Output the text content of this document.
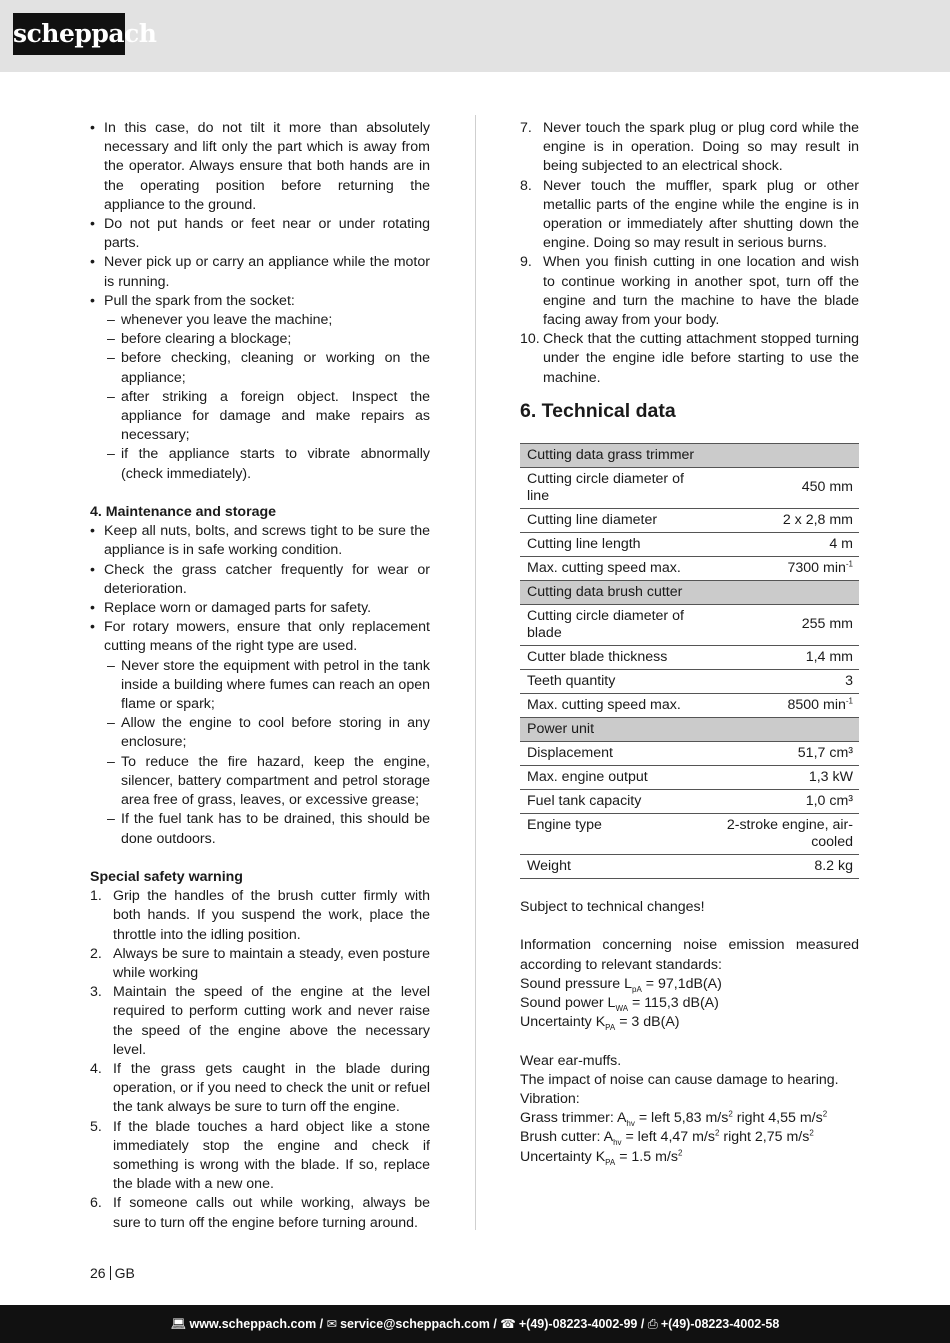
scheppach
• In this case, do not tilt it more than absolutely necessary and lift only the part which is away from the operator. Always ensure that both hands are in the operating position before returning the appliance to the ground.
• Do not put hands or feet near or under rotating parts.
• Never pick up or carry an appliance while the motor is running.
• Pull the spark from the socket:
– whenever you leave the machine;
– before clearing a blockage;
– before checking, cleaning or working on the appliance;
– after striking a foreign object. Inspect the appliance for damage and make repairs as necessary;
– if the appliance starts to vibrate abnormally (check immediately).

4. Maintenance and storage

• Keep all nuts, bolts, and screws tight to be sure the appliance is in safe working condition.
• Check the grass catcher frequently for wear or deterioration.
• Replace worn or damaged parts for safety.
• For rotary mowers, ensure that only replacement cutting means of the right type are used.
– Never store the equipment with petrol in the tank inside a building where fumes can reach an open flame or spark;
– Allow the engine to cool before storing in any enclosure;
– To reduce the fire hazard, keep the engine, silencer, battery compartment and petrol storage area free of grass, leaves, or excessive grease;
– If the fuel tank has to be drained, this should be done outdoors.

Special safety warning

1. Grip the handles of the brush cutter firmly with both hands. If you suspend the work, place the throttle into the idling position.
2. Always be sure to maintain a steady, even posture while working
3. Maintain the speed of the engine at the level required to perform cutting work and never raise the speed of the engine above the necessary level.
4. If the grass gets caught in the blade during operation, or if you need to check the unit or refuel the tank always be sure to turn off the engine.
5. If the blade touches a hard object like a stone immediately stop the engine and check if something is wrong with the blade. If so, replace the blade with a new one.
6. If someone calls out while working, always be sure to turn off the engine before turning around.
7. Never touch the spark plug or plug cord while the engine is in operation. Doing so may result in being subjected to an electrical shock.
8. Never touch the muffler, spark plug or other metallic parts of the engine while the engine is in operation or immediately after shutting down the engine. Doing so may result in serious burns.
9. When you finish cutting in one location and wish to continue working in another spot, turn off the engine and turn the machine to have the blade facing away from your body.
10. Check that the cutting attachment stopped turning under the engine idle before starting to use the machine.
6. Technical data
Cutting data grass trimmer	
Cutting circle diameter of line	450 mm
Cutting line diameter	2 x 2,8 mm
Cutting line length	4 m
Max. cutting speed max.	7300 $\min^{-1}$
Cutting data brush cutter	
Cutting circle diameter of blade	255 mm
Cutter blade thickness	1,4 mm
Teeth quantity	3
Max. cutting speed max.	8500 $\min^{-1}$
Power unit	
Displacement	51,7 cm³
Max. engine output	1,3 kW
Fuel tank capacity	1,0 cm³
Engine type	2-stroke engine, air-cooled
Weight	8.2 kg

Subject to technical changes!

Information concerning noise emission measured according to relevant standards:

Sound pressure $L_{pA} = 97,1dB(A)$

Sound power $L_{WA} = 115,3$ dB(A)

Uncertainty $K_{PA} = 3$ dB(A)

Wear ear-muffs.

The impact of noise can cause damage to hearing.

Vibration:

Grass trimmer: $A_{hv}$ = left 5,83 $m/s^2$ right 4,55 $m/s^2$

Brush cutter: $A_{hv}$ = left 4,47 $m/s^2$ right 2,75 $m/s^2$

Uncertainty $K_{PA} = 1.5$ $m/s^2$

26 GB
💻︎ www.scheppach.com / ✉︎ service@scheppach.com / ☎︎ +(49)-08223-4002-99 / ⎙ +(49)-08223-4002-58
